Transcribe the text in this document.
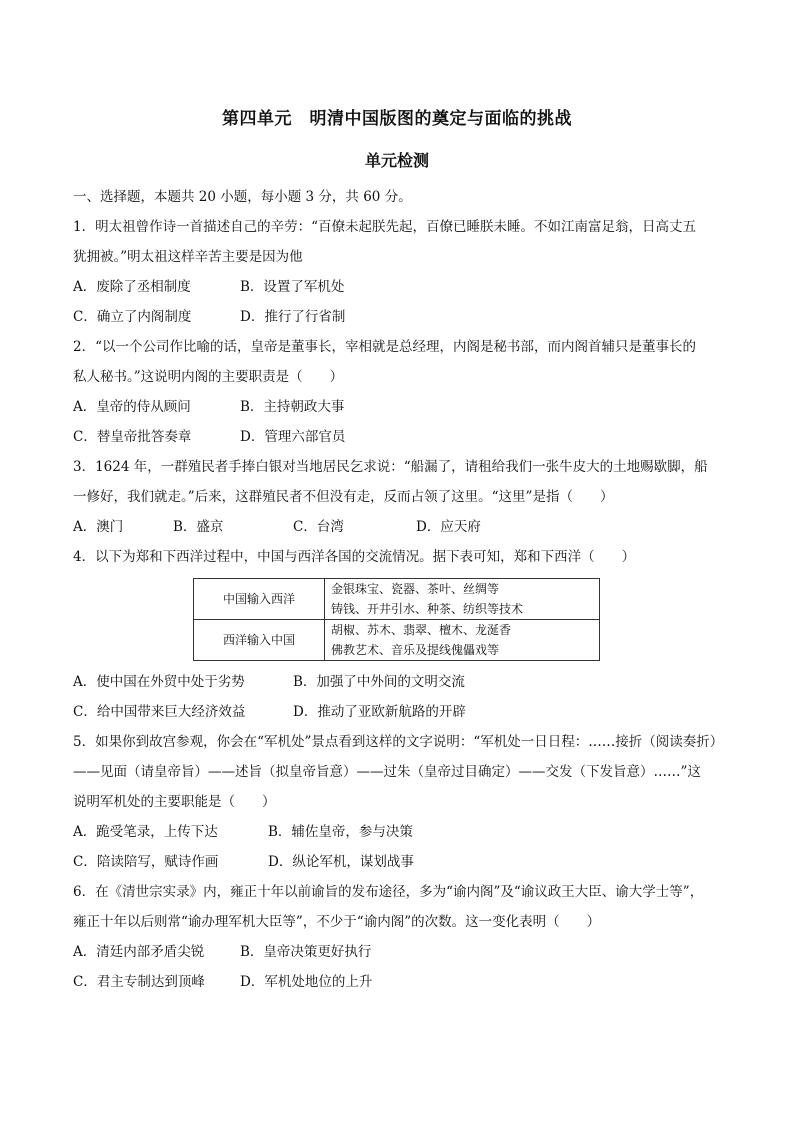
第四单元　明清中国版图的奠定与面临的挑战
单元检测

一、选择题，本题共 20 小题，每小题 3 分，共 60 分。

1．明太祖曾作诗一首描述自己的辛劳：“百僚未起朕先起，百僚已睡朕未睡。不如江南富足翁，日高丈五

犹拥被。”明太祖这样辛苦主要是因为他

A．废除了丞相制度	B．设置了军机处
C．确立了内阁制度	D．推行了行省制

2．“以一个公司作比喻的话，皇帝是董事长，宰相就是总经理，内阁是秘书部，而内阁首辅只是董事长的

私人秘书。”这说明内阁的主要职责是（　　）

A．皇帝的侍从顾问	B．主持朝政大事
C．替皇帝批答奏章	D．管理六部官员

3．1624 年，一群殖民者手捧白银对当地居民乞求说：“船漏了，请租给我们一张牛皮大的土地赐歇脚，船

一修好，我们就走。”后来，这群殖民者不但没有走，反而占领了这里。“这里”是指（　　）

A．澳门	B．盛京	C．台湾	D．应天府

4．以下为郑和下西洋过程中，中国与西洋各国的交流情况。据下表可知，郑和下西洋（　　）

中国输入西洋	金银珠宝、瓷器、茶叶、丝绸等
铸钱、开井引水、种茶、纺织等技术

西洋输入中国	胡椒、苏木、翡翠、檀木、龙涎香
佛教艺术、音乐及提线傀儡戏等
A．使中国在外贸中处于劣势	B．加强了中外间的文明交流
C．给中国带来巨大经济效益	D．推动了亚欧新航路的开辟

5．如果你到故宫参观，你会在“军机处”景点看到这样的文字说明：“军机处一日日程：……接折（阅读奏折）

——见面（请皇帝旨）——述旨（拟皇帝旨意）——过朱（皇帝过目确定）——交发（下发旨意）……”这

说明军机处的主要职能是（　　）

A．跪受笔录，上传下达	B．辅佐皇帝，参与决策
C．陪读陪写，赋诗作画	D．纵论军机，谋划战事

6．在《清世宗实录》内，雍正十年以前谕旨的发布途径，多为“谕内阁”及“谕议政王大臣、谕大学士等”，

雍正十年以后则常“谕办理军机大臣等”，不少于“谕内阁”的次数。这一变化表明（　　）

A．清廷内部矛盾尖锐	B．皇帝决策更好执行
C．君主专制达到顶峰	D．军机处地位的上升
